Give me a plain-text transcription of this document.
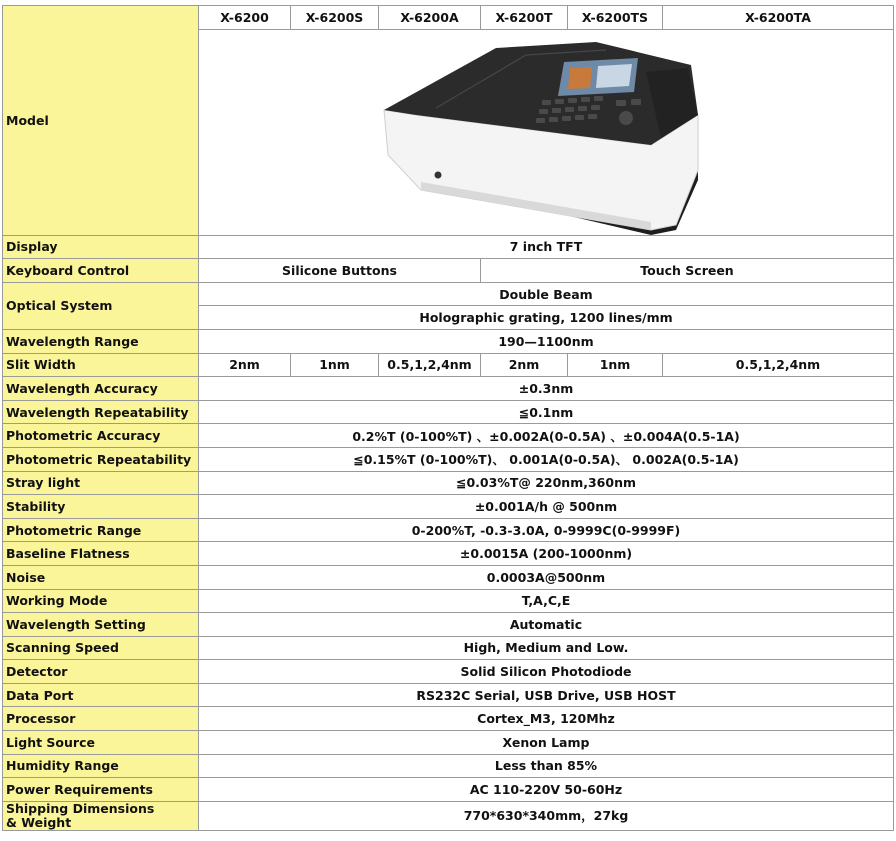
Model	X-6200	X-6200S	X-6200A	X-6200T	X-6200TS	X-6200TA

Display	7 inch TFT					
Keyboard Control	Silicone Buttons			Touch Screen		
Optical System	Double Beam					
	Holographic grating, 1200 lines/mm					
Wavelength Range	190—1100nm					
Slit Width	2nm	1nm	0.5,1,2,4nm	2nm	1nm	0.5,1,2,4nm
Wavelength Accuracy	±0.3nm					
Wavelength Repeatability	≦0.1nm					
Photometric Accuracy	0.2%T (0-100%T) 、±0.002A(0-0.5A) 、±0.004A(0.5-1A)					
Photometric Repeatability	≦0.15%T (0-100%T)、 0.001A(0-0.5A)、 0.002A(0.5-1A)					
Stray light	≦0.03%T@ 220nm,360nm					
Stability	±0.001A/h @ 500nm					
Photometric Range	0-200%T, -0.3-3.0A, 0-9999C(0-9999F)					
Baseline Flatness	±0.0015A (200-1000nm)					
Noise	0.0003A@500nm					
Working Mode	T,A,C,E					
Wavelength Setting	Automatic					
Scanning Speed	High, Medium and Low.					
Detector	Solid Silicon Photodiode					
Data Port	RS232C Serial, USB Drive, USB HOST					
Processor	Cortex_M3, 120Mhz					
Light Source	Xenon Lamp					
Humidity Range	Less than 85%					
Power Requirements	AC 110-220V 50-60Hz					
Shipping Dimensions
& Weight	770*630*340mm，27kg					
